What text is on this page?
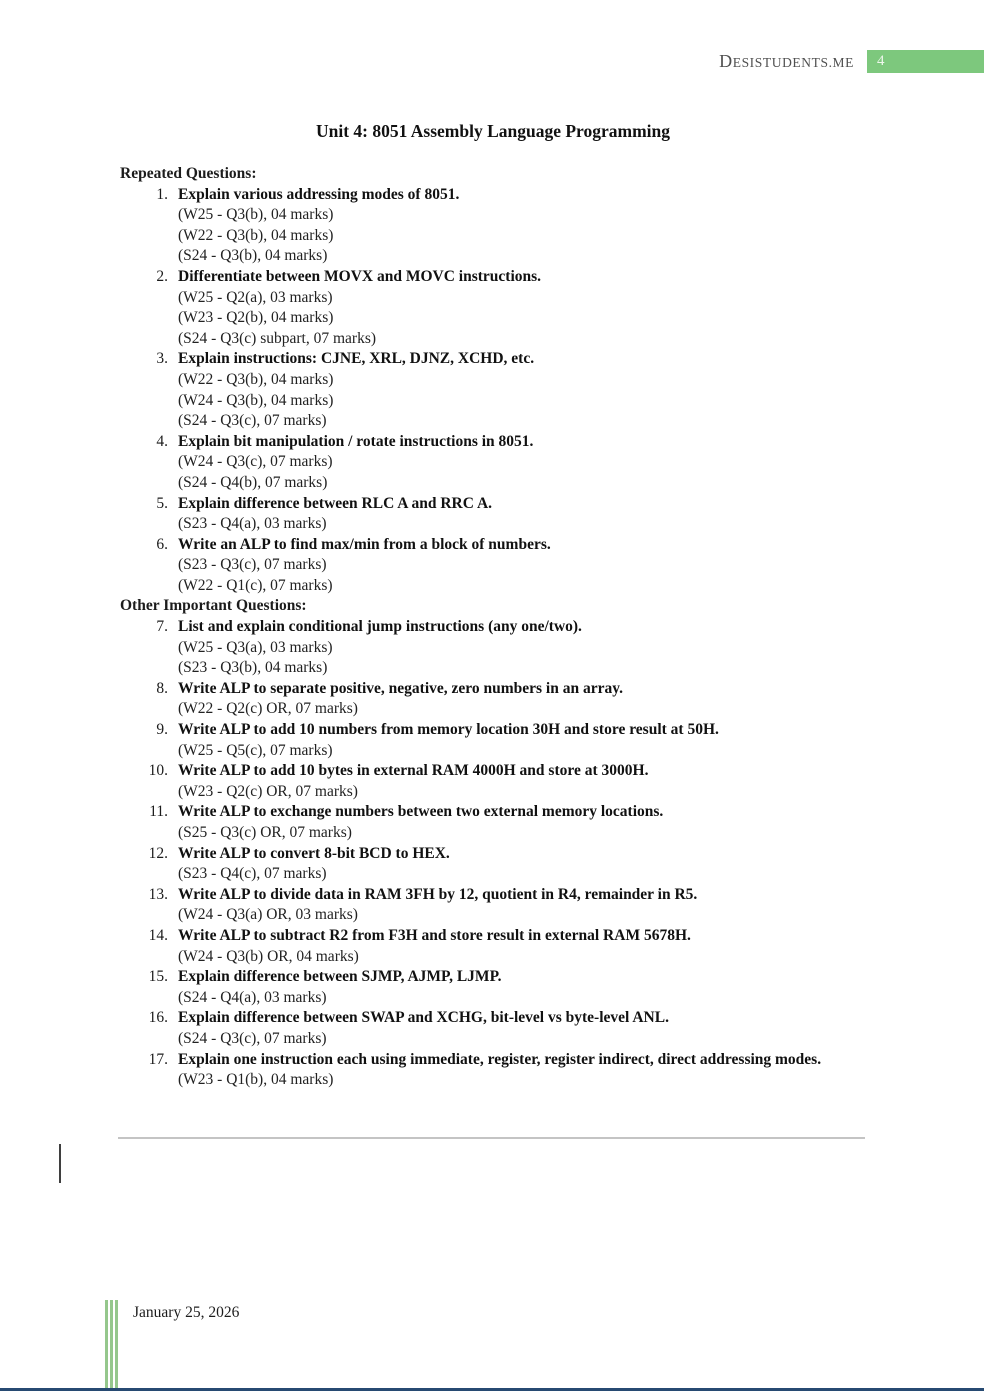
DESISTUDENTS.ME 4
Unit 4: 8051 Assembly Language Programming
Repeated Questions:
1. Explain various addressing modes of 8051.
(W25 - Q3(b), 04 marks)
(W22 - Q3(b), 04 marks)
(S24 - Q3(b), 04 marks)
2. Differentiate between MOVX and MOVC instructions.
(W25 - Q2(a), 03 marks)
(W23 - Q2(b), 04 marks)
(S24 - Q3(c) subpart, 07 marks)
3. Explain instructions: CJNE, XRL, DJNZ, XCHD, etc.
(W22 - Q3(b), 04 marks)
(W24 - Q3(b), 04 marks)
(S24 - Q3(c), 07 marks)
4. Explain bit manipulation / rotate instructions in 8051.
(W24 - Q3(c), 07 marks)
(S24 - Q4(b), 07 marks)
5. Explain difference between RLC A and RRC A.
(S23 - Q4(a), 03 marks)
6. Write an ALP to find max/min from a block of numbers.
(S23 - Q3(c), 07 marks)
(W22 - Q1(c), 07 marks)
Other Important Questions:
7. List and explain conditional jump instructions (any one/two).
(W25 - Q3(a), 03 marks)
(S23 - Q3(b), 04 marks)
8. Write ALP to separate positive, negative, zero numbers in an array.
(W22 - Q2(c) OR, 07 marks)
9. Write ALP to add 10 numbers from memory location 30H and store result at 50H.
(W25 - Q5(c), 07 marks)
10. Write ALP to add 10 bytes in external RAM 4000H and store at 3000H.
(W23 - Q2(c) OR, 07 marks)
11. Write ALP to exchange numbers between two external memory locations.
(S25 - Q3(c) OR, 07 marks)
12. Write ALP to convert 8-bit BCD to HEX.
(S23 - Q4(c), 07 marks)
13. Write ALP to divide data in RAM 3FH by 12, quotient in R4, remainder in R5.
(W24 - Q3(a) OR, 03 marks)
14. Write ALP to subtract R2 from F3H and store result in external RAM 5678H.
(W24 - Q3(b) OR, 04 marks)
15. Explain difference between SJMP, AJMP, LJMP.
(S24 - Q4(a), 03 marks)
16. Explain difference between SWAP and XCHG, bit-level vs byte-level ANL.
(S24 - Q3(c), 07 marks)
17. Explain one instruction each using immediate, register, register indirect, direct addressing modes.
(W23 - Q1(b), 04 marks)
January 25, 2026
